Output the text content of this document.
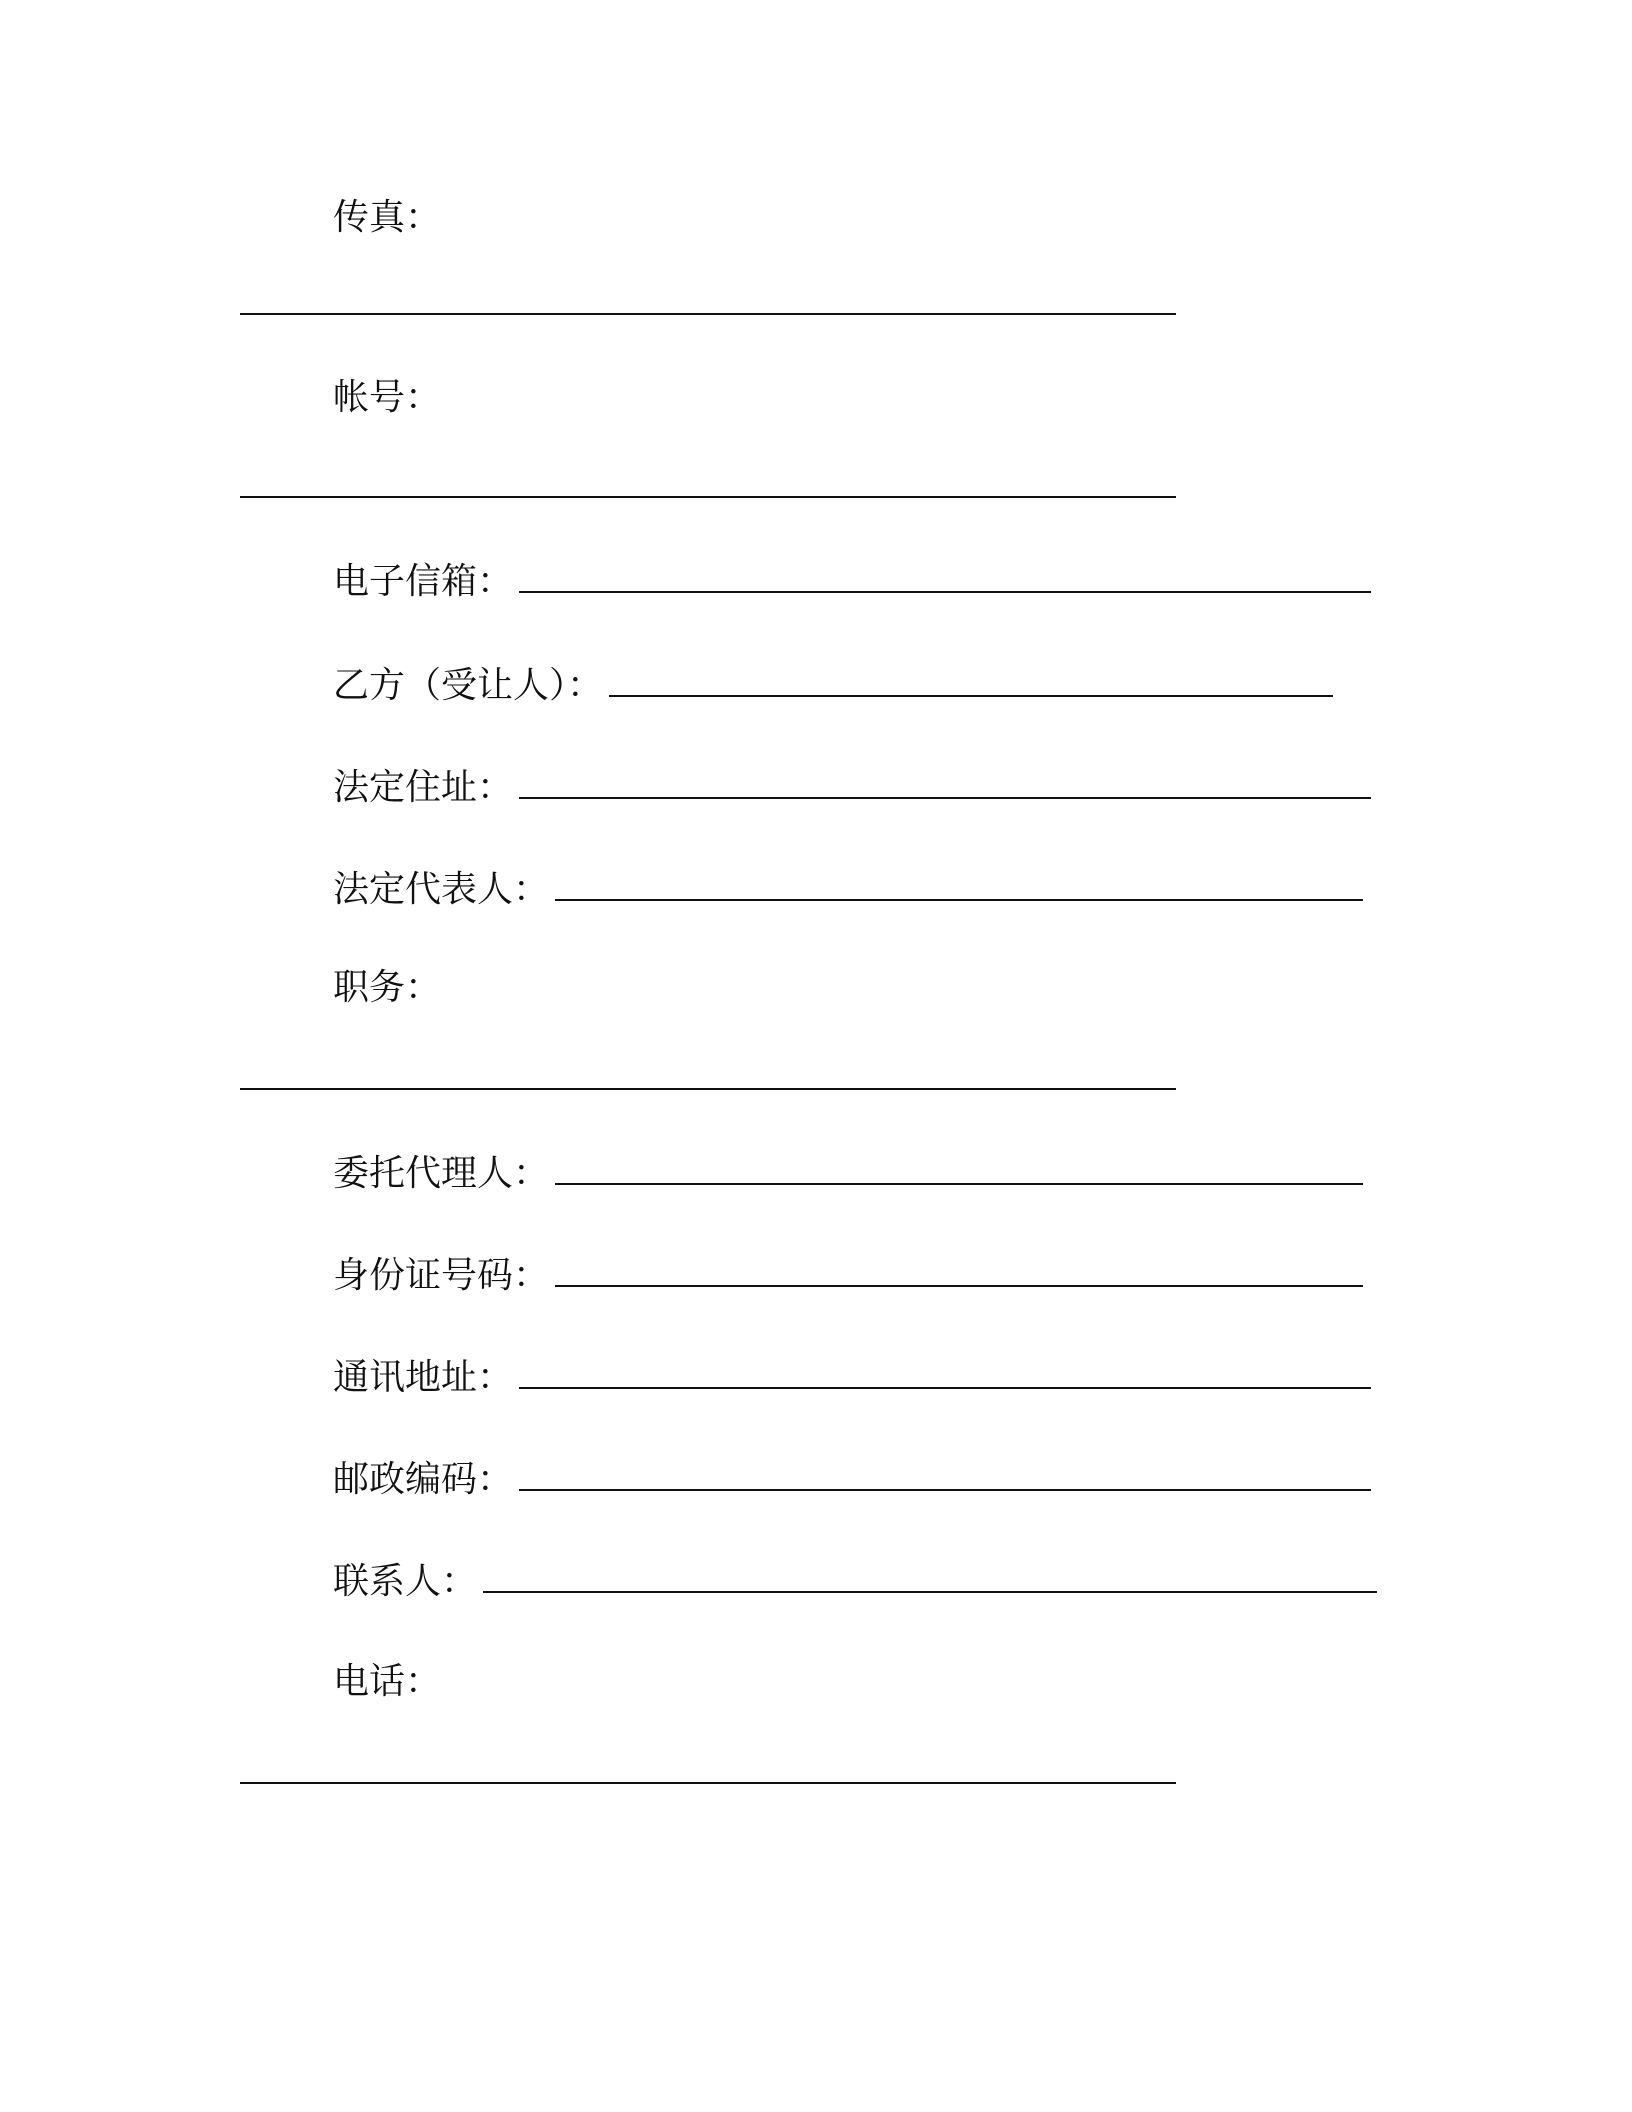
传真：
帐号：
电子信箱：
乙方（受让人）：
法定住址：
法定代表人：
职务：
委托代理人：
身份证号码：
通讯地址：
邮政编码：
联系人：
电话：
